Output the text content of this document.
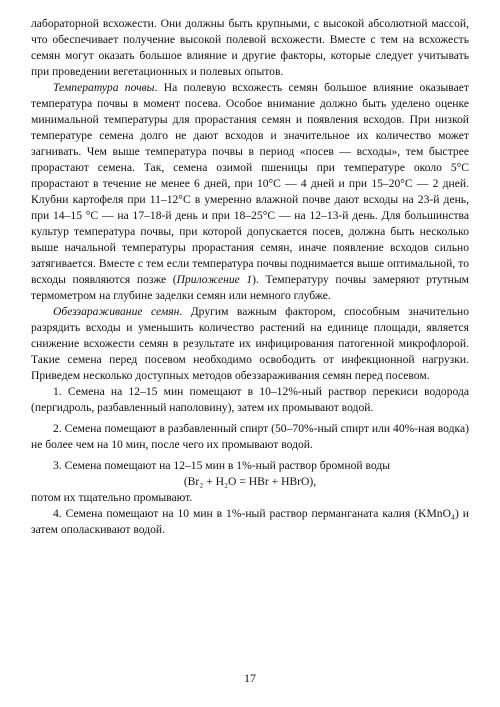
лабораторной всхожести. Они должны быть крупными, с высокой абсолютной массой, что обеспечивает получение высокой полевой всхожести. Вместе с тем на всхожесть семян могут оказать большое влияние и другие факторы, которые следует учитывать при проведении вегетационных и полевых опытов.

Температура почвы. На полевую всхожесть семян большое влияние оказывает температура почвы в момент посева. Особое внимание должно быть уделено оценке минимальной температуры для прорастания семян и появления всходов. При низкой температуре семена долго не дают всходов и значительное их количество может загнивать. Чем выше температура почвы в период «посев — всходы», тем быстрее прорастают семена. Так, семена озимой пшеницы при температуре около 5°С прорастают в течение не менее 6 дней, при 10°С — 4 дней и при 15–20°С — 2 дней. Клубни картофеля при 11–12°С в умеренно влажной почве дают всходы на 23-й день, при 14–15 °С — на 17–18-й день и при 18–25°С — на 12–13-й день. Для большинства культур температура почвы, при которой допускается посев, должна быть несколько выше начальной температуры прорастания семян, иначе появление всходов сильно затягивается. Вместе с тем если температура почвы поднимается выше оптимальной, то всходы появляются позже (Приложение 1). Температуру почвы замеряют ртутным термометром на глубине заделки семян или немного глубже.

Обеззараживание семян. Другим важным фактором, способным значительно разрядить всходы и уменьшить количество растений на единице площади, является снижение всхожести семян в результате их инфицирования патогенной микрофлорой. Такие семена перед посевом необходимо освободить от инфекционной нагрузки. Приведем несколько доступных методов обеззараживания семян перед посевом.

1. Семена на 12–15 мин помещают в 10–12%-ный раствор перекиси водорода (пергидроль, разбавленный наполовину), затем их промывают водой.

2. Семена помещают в разбавленный спирт (50–70%-ный спирт или 40%-ная водка) не более чем на 10 мин, после чего их промывают водой.

3. Семена помещают на 12–15 мин в 1%-ный раствор бромной воды

(Br₂ + H₂O = HBr + HBrO),

потом их тщательно промывают.

4. Семена помещают на 10 мин в 1%-ный раствор перманганата калия (KMnO₄) и затем ополаскивают водой.

17
